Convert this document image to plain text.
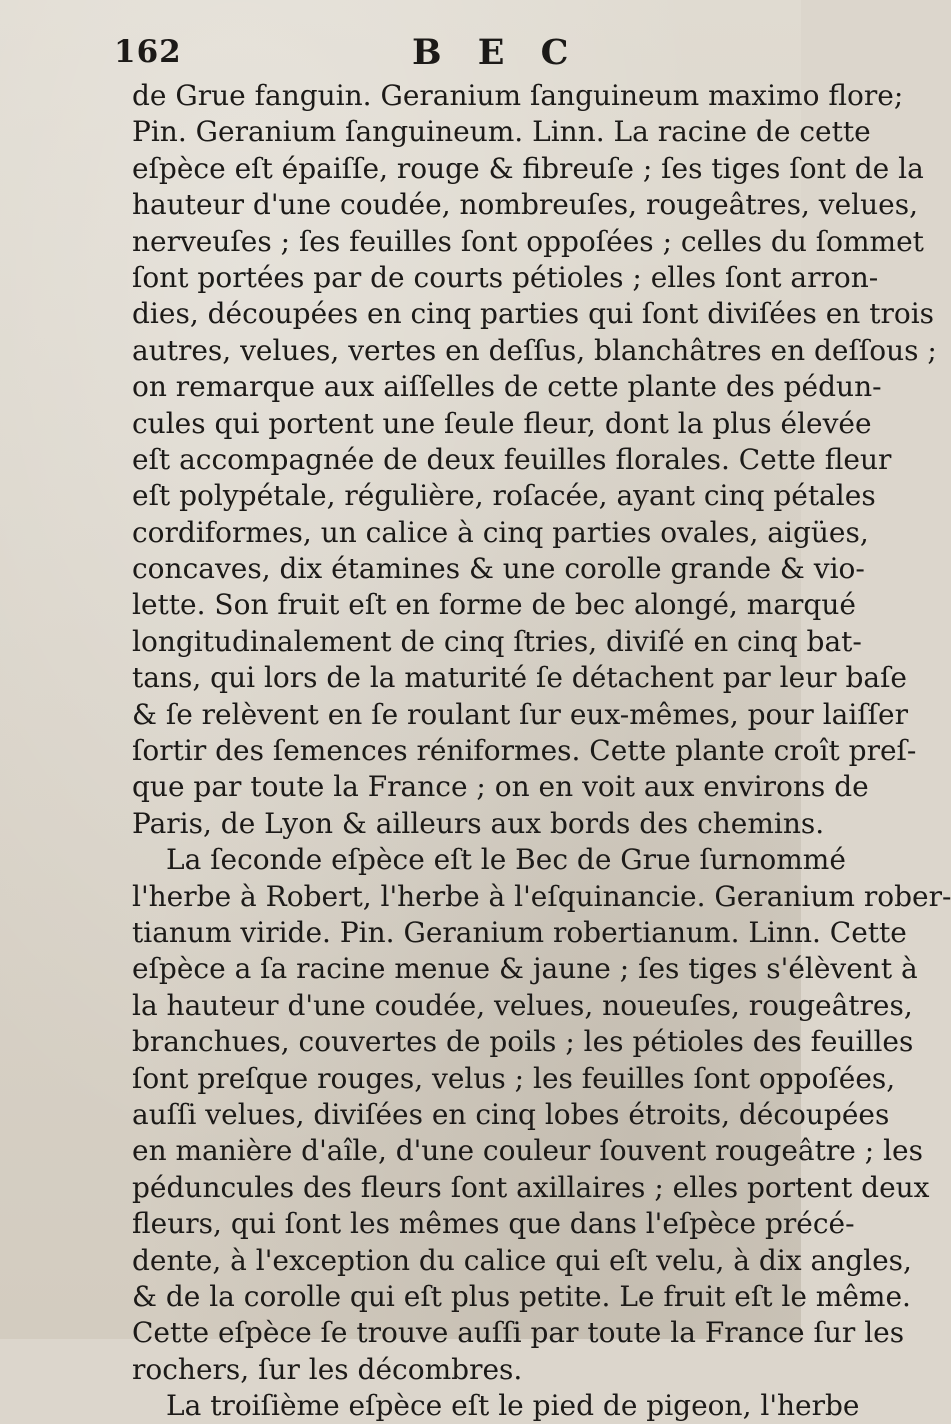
162	B E C
de Grue fanguin. Geranium ſanguineum maximo flore;
Pin. Geranium ſanguineum. Linn. La racine de cette
eſpèce eſt épaiſſe, rouge & fibreuſe ; ſes tiges ſont de la
hauteur d'une coudée, nombreuſes, rougeâtres, velues,
nerveuſes ; ſes feuilles ſont oppoſées ; celles du ſommet
ſont portées par de courts pétioles ; elles ſont arron-
dies, découpées en cinq parties qui ſont diviſées en trois
autres, velues, vertes en deſſus, blanchâtres en deſſous ;
on remarque aux aiſſelles de cette plante des pédun-
cules qui portent une ſeule fleur, dont la plus élevée
eſt accompagnée de deux feuilles florales. Cette fleur
eſt polypétale, régulière, roſacée, ayant cinq pétales
cordiformes, un calice à cinq parties ovales, aigües,
concaves, dix étamines & une corolle grande & vio-
lette. Son fruit eſt en forme de bec alongé, marqué
longitudinalement de cinq ſtries, diviſé en cinq bat-
tans, qui lors de la maturité ſe détachent par leur baſe
& ſe relèvent en ſe roulant ſur eux-mêmes, pour laiſſer
ſortir des ſemences réniformes. Cette plante croît preſ-
que par toute la France ; on en voit aux environs de
Paris, de Lyon & ailleurs aux bords des chemins.
La ſeconde eſpèce eſt le Bec de Grue ſurnommé
l'herbe à Robert, l'herbe à l'eſquinancie. Geranium rober-
tianum viride. Pin. Geranium robertianum. Linn. Cette
eſpèce a ſa racine menue & jaune ; ſes tiges s'élèvent à
la hauteur d'une coudée, velues, noueuſes, rougeâtres,
branchues, couvertes de poils ; les pétioles des feuilles
ſont preſque rouges, velus ; les feuilles ſont oppoſées,
auſſi velues, diviſées en cinq lobes étroits, découpées
en manière d'aîle, d'une couleur ſouvent rougeâtre ; les
péduncules des fleurs ſont axillaires ; elles portent deux
fleurs, qui ſont les mêmes que dans l'eſpèce précé-
dente, à l'exception du calice qui eſt velu, à dix angles,
& de la corolle qui eſt plus petite. Le fruit eſt le même.
Cette eſpèce ſe trouve auſſi par toute la France ſur les
rochers, ſur les décombres.
La troiſième eſpèce eſt le pied de pigeon, l'herbe
